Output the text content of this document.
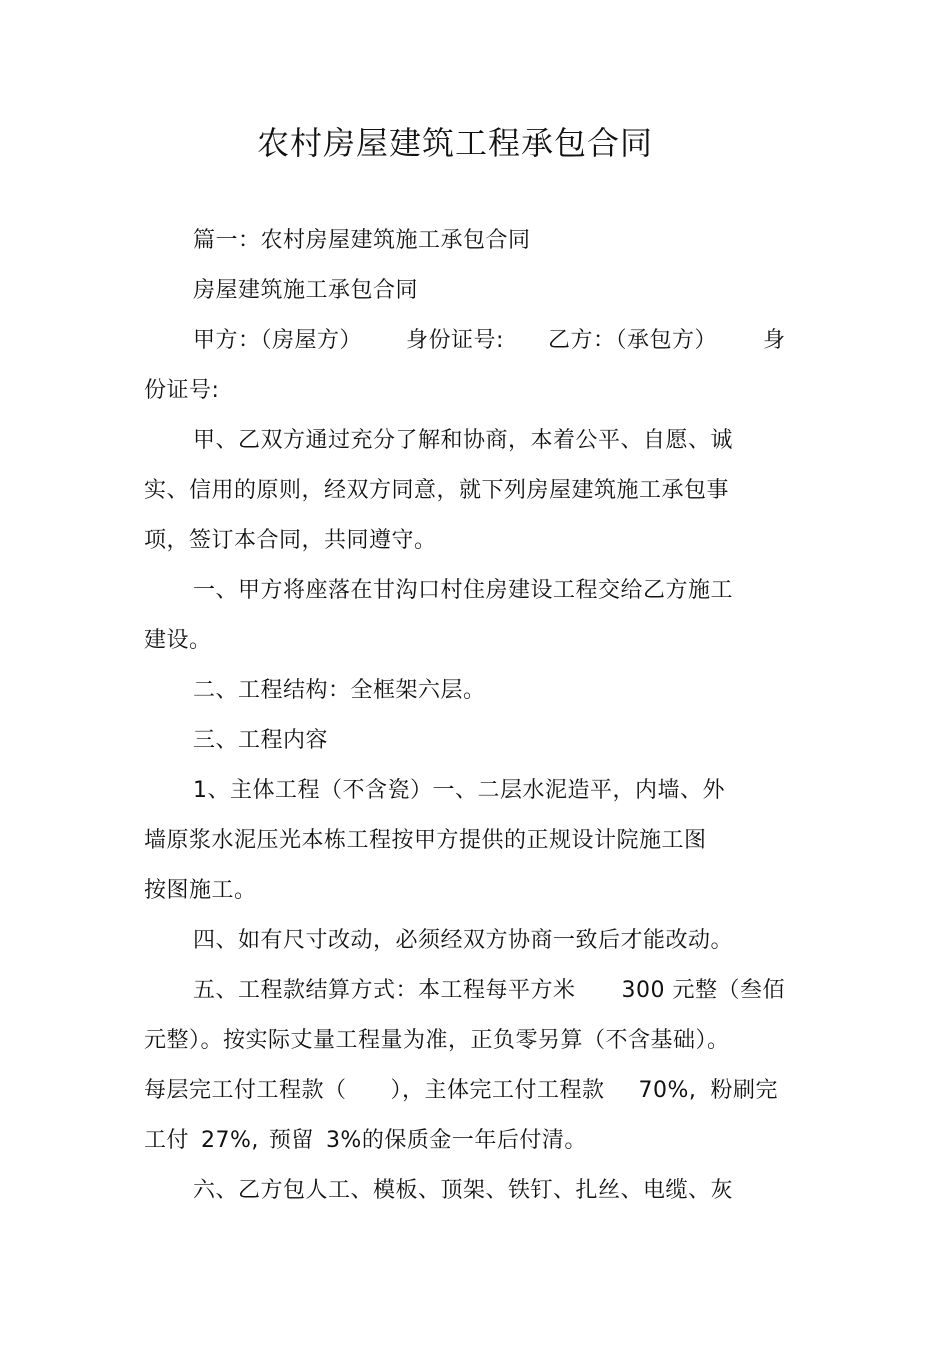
农村房屋建筑工程承包合同
篇一：农村房屋建筑施工承包合同
房屋建筑施工承包合同
甲方：（房屋方） 身份证号: 乙方：（承包方） 身
份证号:
甲、乙双方通过充分了解和协商，本着公平、自愿、诚
实、信用的原则，经双方同意，就下列房屋建筑施工承包事
项，签订本合同，共同遵守。
一、甲方将座落在甘沟口村住房建设工程交给乙方施工
建设。
二、工程结构：全框架六层。
三、工程内容
1、主体工程（不含瓷）一、二层水泥造平，内墙、外
墙原浆水泥压光本栋工程按甲方提供的正规设计院施工图
按图施工。
四、如有尺寸改动，必须经双方协商一致后才能改动。
五、工程款结算方式：本工程每平方米 300 元整（叁佰
元整）。按实际丈量工程量为准，正负零另算（不含基础）。
每层完工付工程款（ ），主体完工付工程款 70%, 粉刷完
工付 27%, 预留 3%的保质金一年后付清。
六、乙方包人工、模板、顶架、铁钉、扎丝、电缆、灰
